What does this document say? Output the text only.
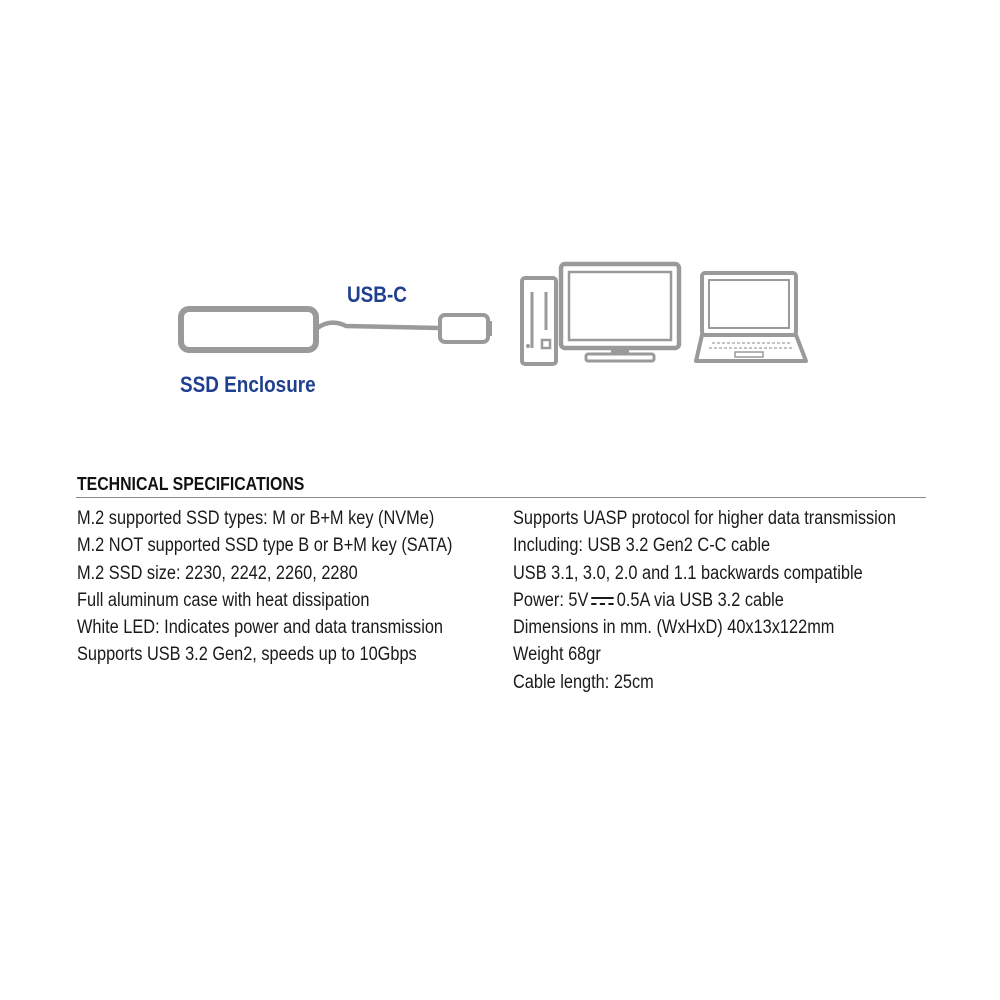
USB-C
SSD Enclosure
TECHNICAL SPECIFICATIONS
M.2 supported SSD types: M or B+M key (NVMe)
M.2 NOT supported SSD type B or B+M key (SATA)
M.2 SSD size: 2230, 2242, 2260, 2280
Full aluminum case with heat dissipation
White LED: Indicates power and data transmission
Supports USB 3.2 Gen2, speeds up to 10Gbps
Supports UASP protocol for higher data transmission
Including: USB 3.2 Gen2 C-C cable
USB 3.1, 3.0, 2.0 and 1.1 backwards compatible
Power: 5V 0.5A via USB 3.2 cable
Dimensions in mm. (WxHxD) 40x13x122mm
Weight 68gr
Cable length: 25cm
